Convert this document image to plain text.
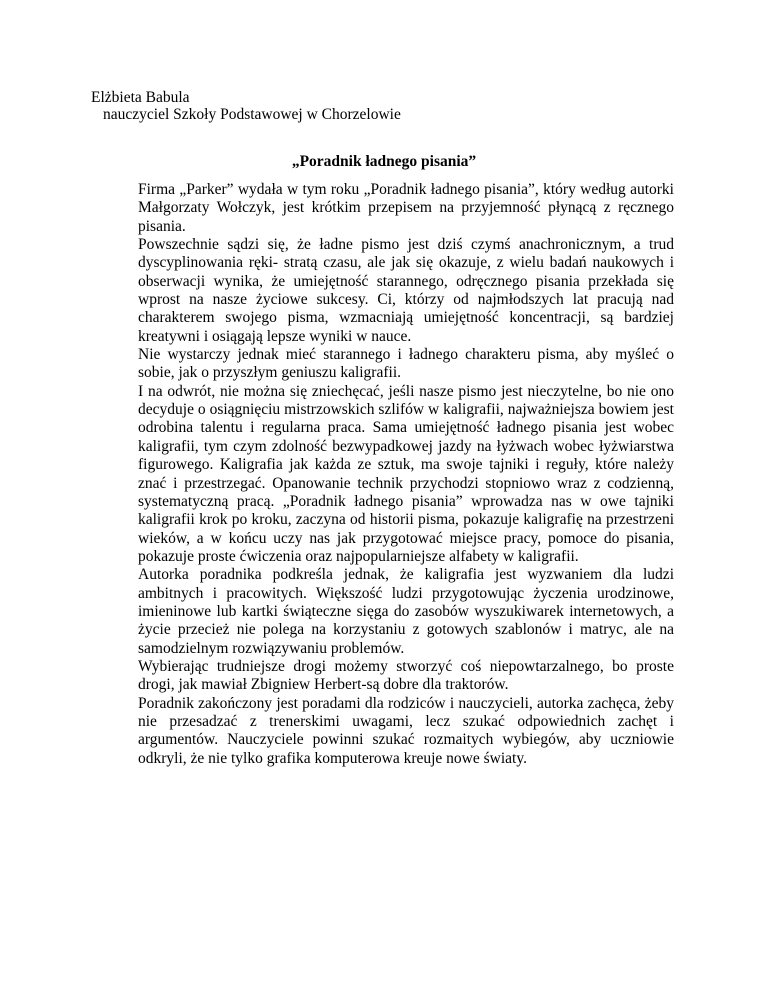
Elżbieta Babula
nauczyciel Szkoły Podstawowej w Chorzelowie
„Poradnik ładnego pisania”

Firma „Parker” wydała w tym roku „Poradnik ładnego pisania”, który według autorki Małgorzaty Wołczyk, jest krótkim przepisem na przyjemność płynącą z ręcznego pisania.

Powszechnie sądzi się, że ładne pismo jest dziś czymś anachronicznym, a trud dyscyplinowania ręki- stratą czasu, ale jak się okazuje, z wielu badań naukowych i obserwacji wynika, że umiejętność starannego, odręcznego pisania przekłada się wprost na nasze życiowe sukcesy. Ci, którzy od najmłodszych lat pracują nad charakterem swojego pisma, wzmacniają umiejętność koncentracji, są bardziej kreatywni i osiągają lepsze wyniki w nauce.

Nie wystarczy jednak mieć starannego i ładnego charakteru pisma, aby myśleć o sobie, jak o przyszłym geniuszu kaligrafii.

I na odwrót, nie można się zniechęcać, jeśli nasze pismo jest nieczytelne, bo nie ono decyduje o osiągnięciu mistrzowskich szlifów w kaligrafii, najważniejsza bowiem jest odrobina talentu i regularna praca. Sama umiejętność ładnego pisania jest wobec kaligrafii, tym czym zdolność bezwypadkowej jazdy na łyżwach wobec łyżwiarstwa figurowego. Kaligrafia jak każda ze sztuk, ma swoje tajniki i reguły, które należy znać i przestrzegać. Opanowanie technik przychodzi stopniowo wraz z codzienną, systematyczną pracą. „Poradnik ładnego pisania” wprowadza nas w owe tajniki kaligrafii krok po kroku, zaczyna od historii pisma, pokazuje kaligrafię na przestrzeni wieków, a w końcu uczy nas jak przygotować miejsce pracy, pomoce do pisania, pokazuje proste ćwiczenia oraz najpopularniejsze alfabety w kaligrafii.

Autorka poradnika podkreśla jednak, że kaligrafia jest wyzwaniem dla ludzi ambitnych i pracowitych. Większość ludzi przygotowując życzenia urodzinowe, imieninowe lub kartki świąteczne sięga do zasobów wyszukiwarek internetowych, a życie przecież nie polega na korzystaniu z gotowych szablonów i matryc, ale na samodzielnym rozwiązywaniu problemów.

Wybierając trudniejsze drogi możemy stworzyć coś niepowtarzalnego, bo proste drogi, jak mawiał Zbigniew Herbert-są dobre dla traktorów.

Poradnik zakończony jest poradami dla rodziców i nauczycieli, autorka zachęca, żeby nie przesadzać z trenerskimi uwagami, lecz szukać odpowiednich zachęt i argumentów. Nauczyciele powinni szukać rozmaitych wybiegów, aby uczniowie odkryli, że nie tylko grafika komputerowa kreuje nowe światy.
